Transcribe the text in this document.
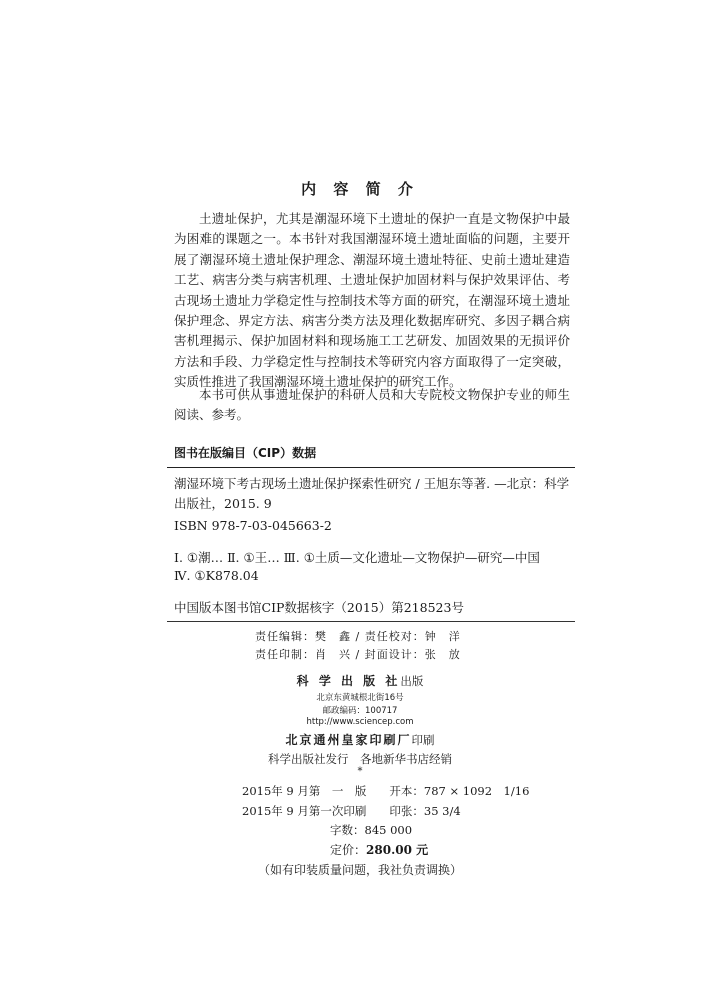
内 容 简 介

土遗址保护，尤其是潮湿环境下土遗址的保护一直是文物保护中最为困难的课题之一。本书针对我国潮湿环境土遗址面临的问题，主要开展了潮湿环境土遗址保护理念、潮湿环境土遗址特征、史前土遗址建造工艺、病害分类与病害机理、土遗址保护加固材料与保护效果评估、考古现场土遗址力学稳定性与控制技术等方面的研究，在潮湿环境土遗址保护理念、界定方法、病害分类方法及理化数据库研究、多因子耦合病害机理揭示、保护加固材料和现场施工工艺研发、加固效果的无损评价方法和手段、力学稳定性与控制技术等研究内容方面取得了一定突破，实质性推进了我国潮湿环境土遗址保护的研究工作。

本书可供从事遗址保护的科研人员和大专院校文物保护专业的师生阅读、参考。

图书在版编目（CIP）数据

潮湿环境下考古现场土遗址保护探索性研究 / 王旭东等著. —北京：科学出版社，2015. 9

ISBN 978-7-03-045663-2
Ⅰ. ①潮… Ⅱ. ①王… Ⅲ. ①土质—文化遗址—文物保护—研究—中国
Ⅳ. ①K878.04
中国版本图书馆CIP数据核字（2015）第218523号
责任编辑：樊　鑫 / 责任校对：钟　洋
责任印制：肖　兴 / 封面设计：张　放
科 学 出 版 社出版
北京东黄城根北街16号
邮政编码：100717
http://www.sciencep.com
北京通州皇家印刷厂印刷
科学出版社发行　各地新华书店经销
*
2015年 9 月第　一　版　　开本：787 × 1092　1/16
2015年 9 月第一次印刷　　印张：35 3/4
字数：845 000
定价：280.00 元
（如有印装质量问题，我社负责调换）
